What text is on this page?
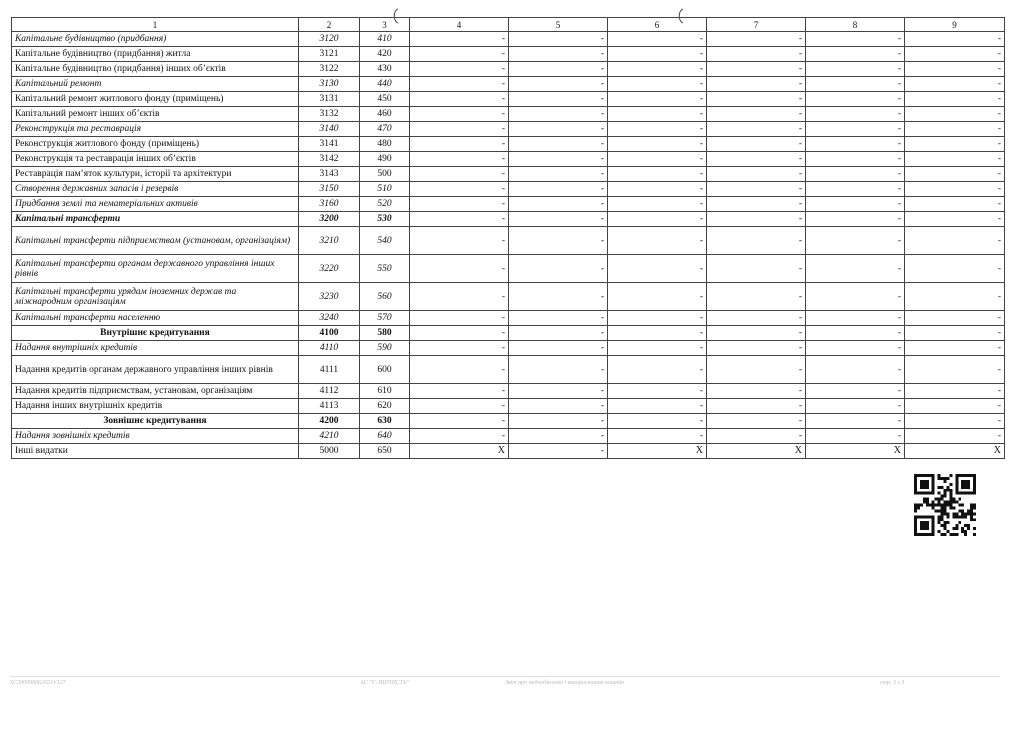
1	2	3	4	5	6	7	8	9
Капітальне будівництво (придбання)	3120	410	-	-	-	-	-	-
Капітальне будівництво (придбання) житла	3121	420	-	-	-	-	-	-
Капітальне будівництво (придбання) інших об’єктів	3122	430	-	-	-	-	-	-
Капітальний ремонт	3130	440	-	-	-	-	-	-
Капітальний ремонт житлового фонду (приміщень)	3131	450	-	-	-	-	-	-
Капітальний ремонт інших об’єктів	3132	460	-	-	-	-	-	-
Реконструкція та реставрація	3140	470	-	-	-	-	-	-
Реконструкція житлового фонду (приміщень)	3141	480	-	-	-	-	-	-
Реконструкція та реставрація інших об’єктів	3142	490	-	-	-	-	-	-
Реставрація пам’яток культури, історії та архітектури	3143	500	-	-	-	-	-	-
Створення державних запасів і резервів	3150	510	-	-	-	-	-	-
Придбання землі та нематеріальних активів	3160	520	-	-	-	-	-	-
Капітальні трансферти	3200	530	-	-	-	-	-	-
Капітальні трансферти підприємствам (установам, організаціям)	3210	540	-	-	-	-	-	-
Капітальні трансферти органам державного управління інших рівнів	3220	550	-	-	-	-	-	-
Капітальні трансферти урядам іноземних держав та міжнародним організаціям	3230	560	-	-	-	-	-	-
Капітальні трансферти населенню	3240	570	-	-	-	-	-	-
Внутрішнє кредитування	4100	580	-	-	-	-	-	-
Надання внутрішніх кредитів	4110	590	-	-	-	-	-	-
Надання кредитів органам державного управління інших рівнів	4111	600	-	-	-	-	-	-
Надання кредитів підприємствам, установам, організаціям	4112	610	-	-	-	-	-	-
Надання інших внутрішніх кредитів	4113	620	-	-	-	-	-	-
Зовнішнє кредитування	4200	630	-	-	-	-	-	-
Надання зовнішніх кредитів	4210	640	-	-	-	-	-	-
Інші видатки	5000	650	X	-	X	X	X	X
SC300090062021V127	АС "Є-ЗВІТНІСТЬ"	Звіт про надходження і використання коштів	стр. 3 з 3
